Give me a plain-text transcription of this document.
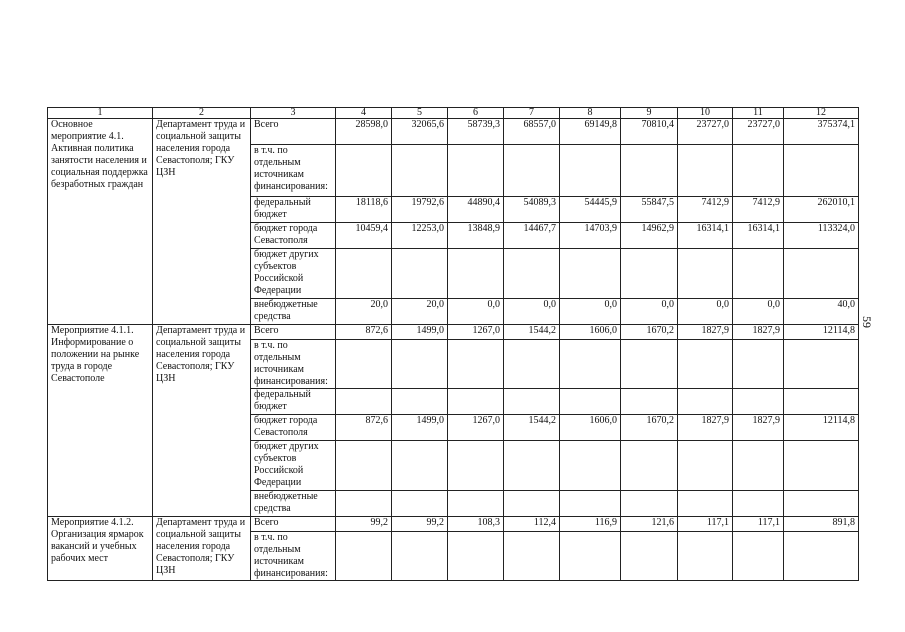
1	2	3	4	5	6	7	8	9	10	11	12
Основное мероприятие 4.1. Активная политика занятости населения и социальная поддержка безработных граждан	Департамент труда и социальной защиты населения города Севастополя; ГКУ ЦЗН	Всего	28598,0	32065,6	58739,3	68557,0	69149,8	70810,4	23727,0	23727,0	375374,1
		в т.ч. по отдельным источникам финансирования:									
		федеральный бюджет	18118,6	19792,6	44890,4	54089,3	54445,9	55847,5	7412,9	7412,9	262010,1
		бюджет города Севастополя	10459,4	12253,0	13848,9	14467,7	14703,9	14962,9	16314,1	16314,1	113324,0
		бюджет других субъектов Российской Федерации									
		внебюджетные средства	20,0	20,0	0,0	0,0	0,0	0,0	0,0	0,0	40,0
Мероприятие 4.1.1. Информирование о положении на рынке труда в городе Севастополе	Департамент труда и социальной защиты населения города Севастополя; ГКУ ЦЗН	Всего	872,6	1499,0	1267,0	1544,2	1606,0	1670,2	1827,9	1827,9	12114,8
		в т.ч. по отдельным источникам финансирования:									
		федеральный бюджет									
		бюджет города Севастополя	872,6	1499,0	1267,0	1544,2	1606,0	1670,2	1827,9	1827,9	12114,8
		бюджет других субъектов Российской Федерации									
		внебюджетные средства									
Мероприятие 4.1.2. Организация ярмарок вакансий и учебных рабочих мест	Департамент труда и социальной защиты населения города Севастополя; ГКУ ЦЗН	Всего	99,2	99,2	108,3	112,4	116,9	121,6	117,1	117,1	891,8
		в т.ч. по отдельным источникам финансирования:									
59
